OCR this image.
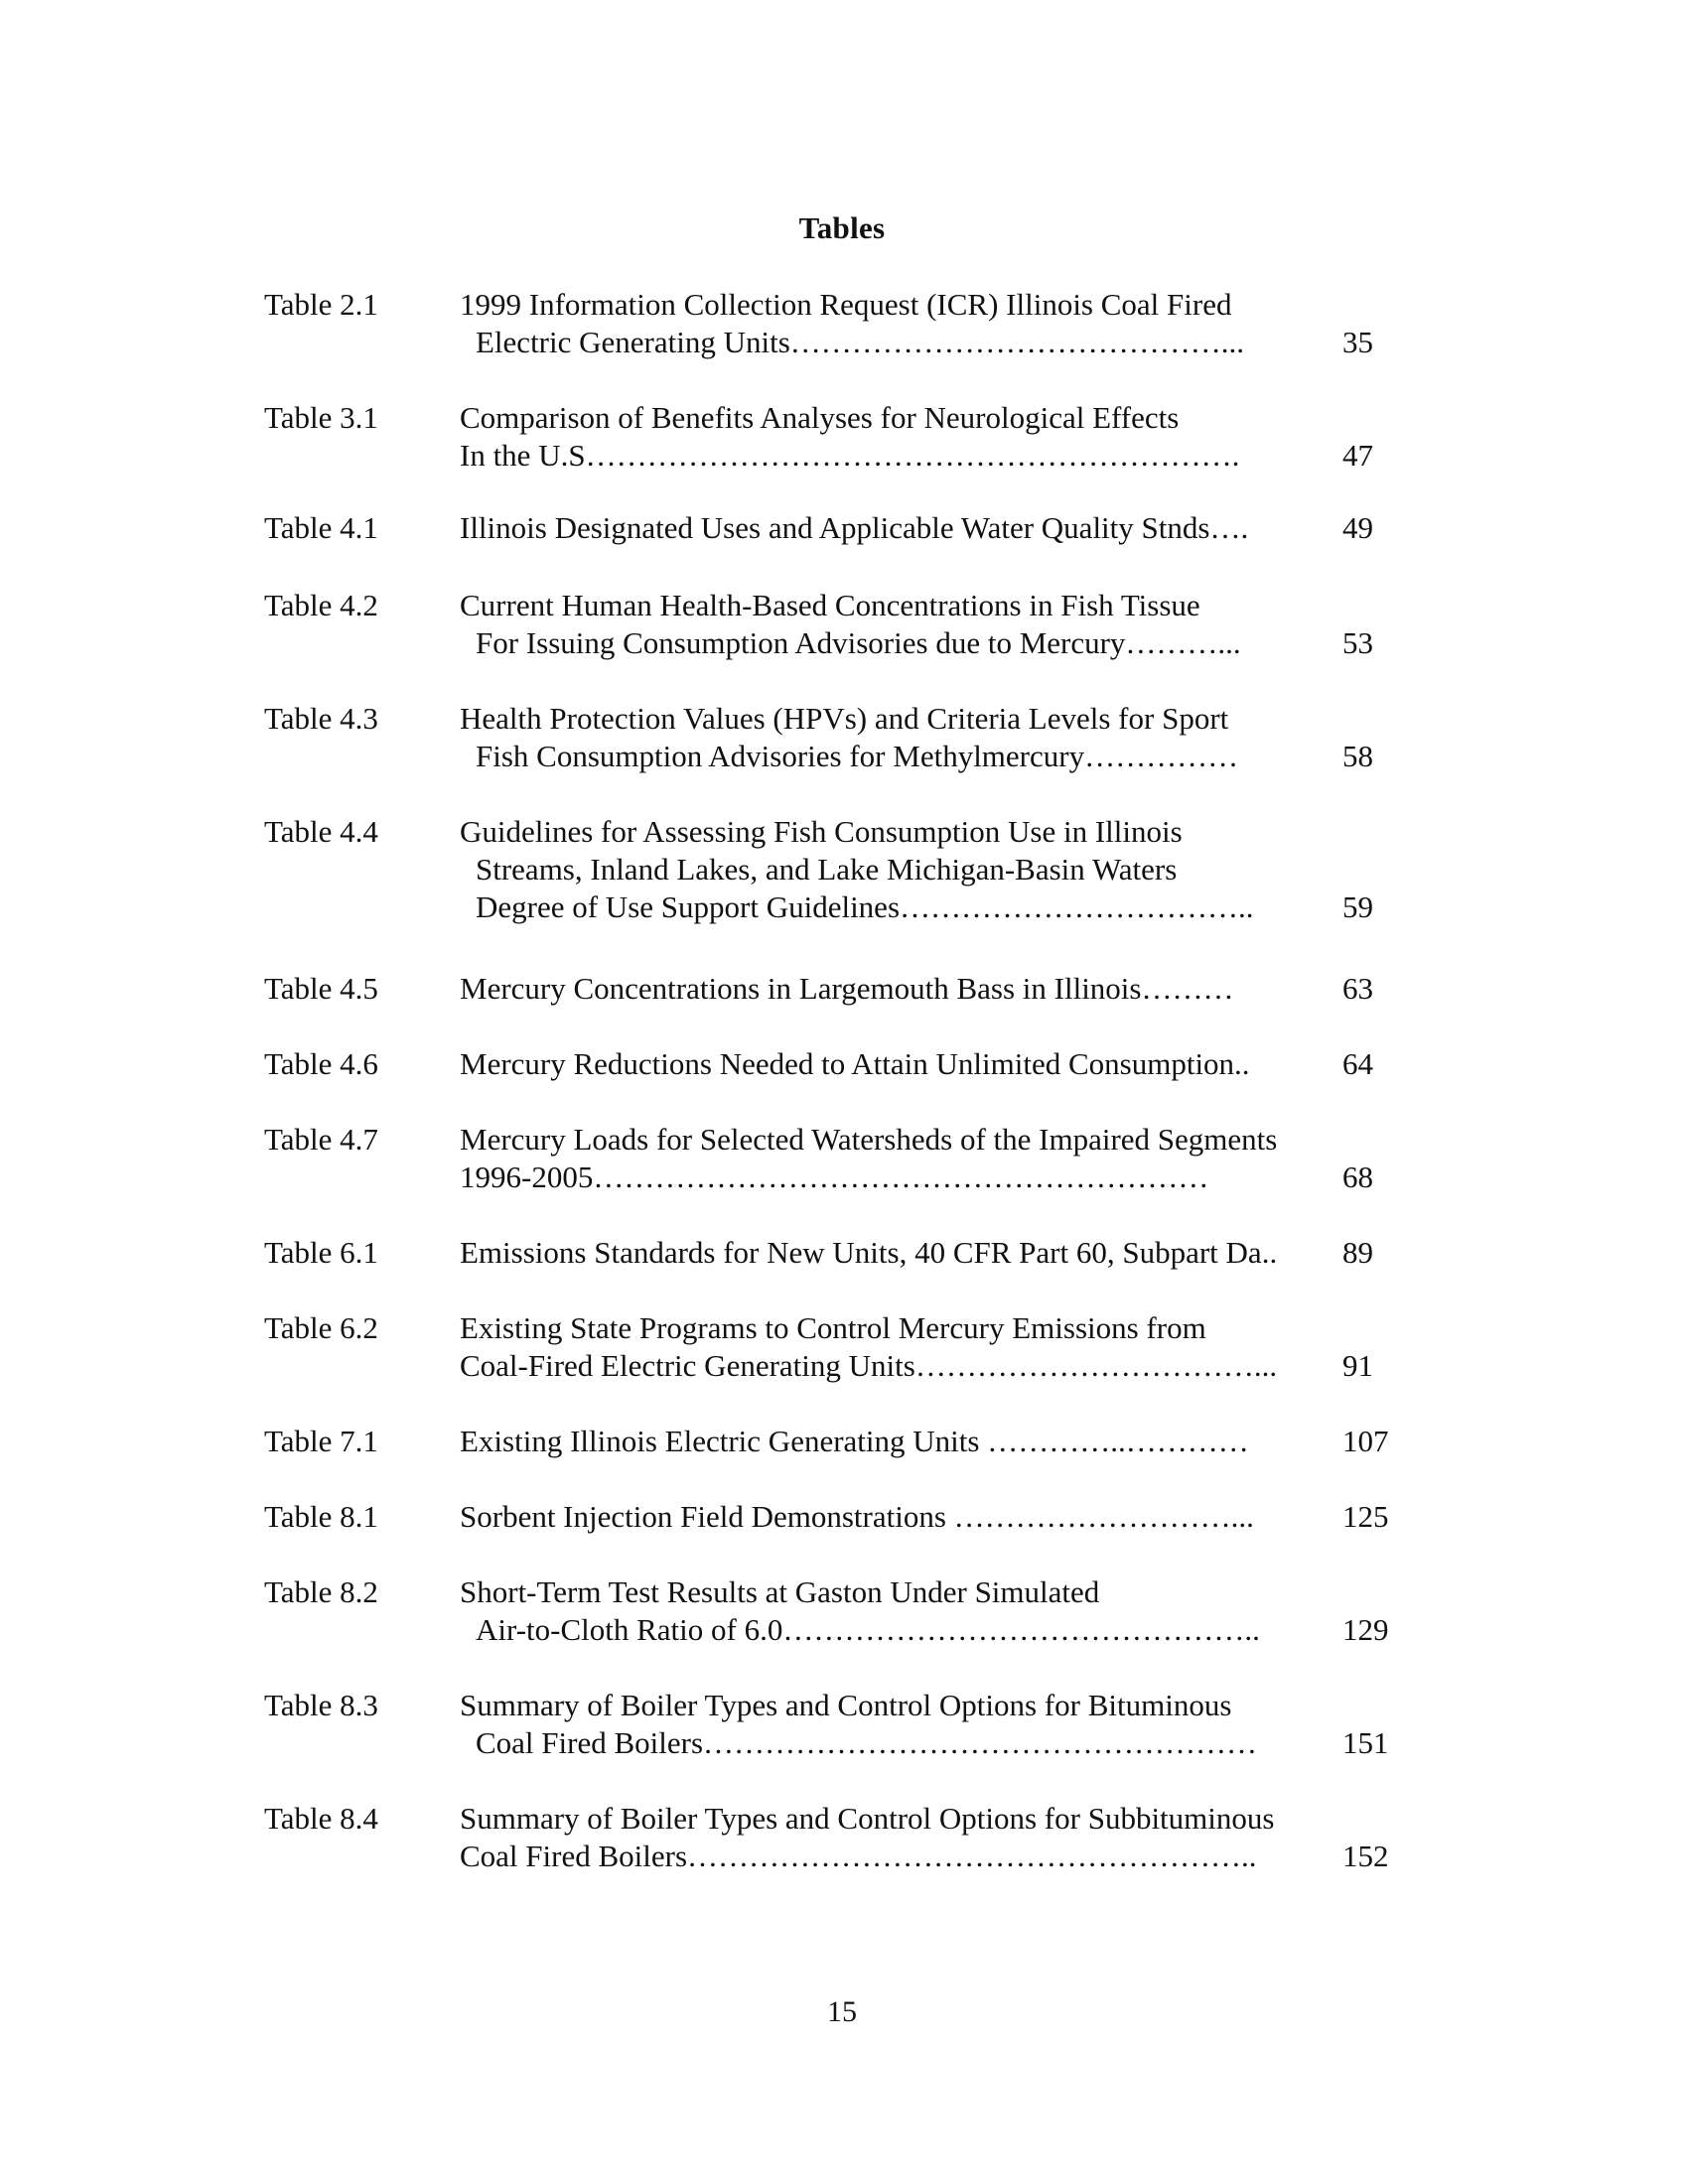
Tables
Table 2.1	1999 Information Collection Request (ICR) Illinois Coal Fired
Electric Generating Units……………………………………...	35
Table 3.1	Comparison of Benefits Analyses for Neurological Effects
In the U.S……………………………………………………….	47
Table 4.1	Illinois Designated Uses and Applicable Water Quality Stnds….	49
Table 4.2	Current Human Health-Based Concentrations in Fish Tissue
For Issuing Consumption Advisories due to Mercury………...	53
Table 4.3	Health Protection Values (HPVs) and Criteria Levels for Sport
Fish Consumption Advisories for Methylmercury……………	58
Table 4.4	Guidelines for Assessing Fish Consumption Use in Illinois
Streams, Inland Lakes, and Lake Michigan-Basin Waters
Degree of Use Support Guidelines……………………………..	59
Table 4.5	Mercury Concentrations in Largemouth Bass in Illinois………	63
Table 4.6	Mercury Reductions Needed to Attain Unlimited Consumption..	64
Table 4.7	Mercury Loads for Selected Watersheds of the Impaired Segments
1996-2005……………………………………………………	68
Table 6.1	Emissions Standards for New Units, 40 CFR Part 60, Subpart Da..	89
Table 6.2	Existing State Programs to Control Mercury Emissions from
Coal-Fired Electric Generating Units……………………………...	91
Table 7.1	Existing Illinois Electric Generating Units …………..…………	107
Table 8.1	Sorbent Injection Field Demonstrations ………………………...	125
Table 8.2	Short-Term Test Results at Gaston Under Simulated
Air-to-Cloth Ratio of 6.0………………………………………..	129
Table 8.3	Summary of Boiler Types and Control Options for Bituminous
Coal Fired Boilers………………………………………………	151
Table 8.4	Summary of Boiler Types and Control Options for Subbituminous
Coal Fired Boilers………………………………………………..	152
15
